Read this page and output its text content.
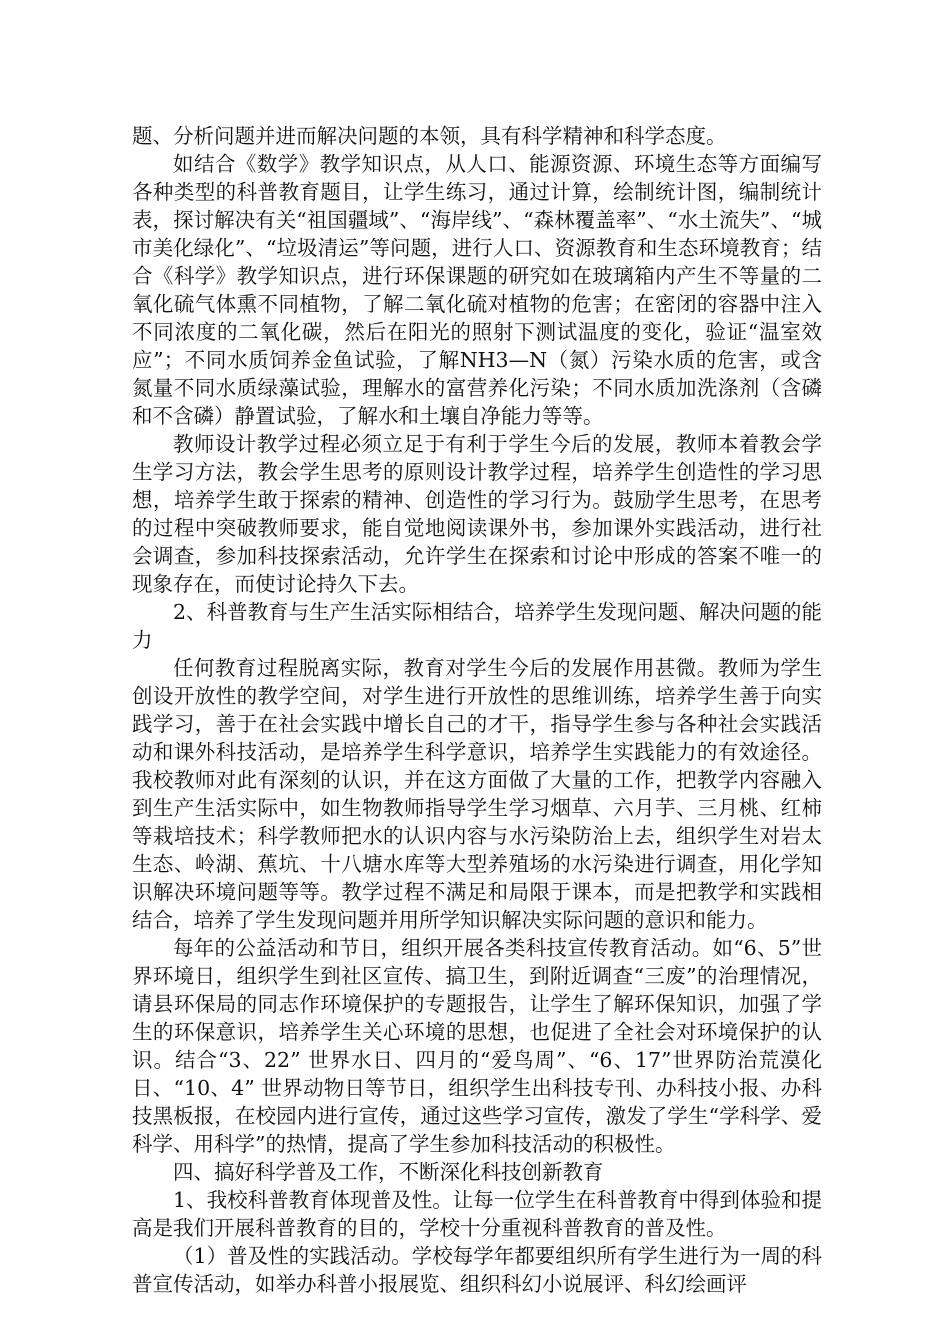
题、分析问题并进而解决问题的本领，具有科学精神和科学态度。

如结合《数学》教学知识点，从人口、能源资源、环境生态等方面编写各种类型的科普教育题目，让学生练习，通过计算，绘制统计图，编制统计表，探讨解决有关“祖国疆域”、“海岸线”、“森林覆盖率”、“水土流失”、“城市美化绿化”、“垃圾清运”等问题，进行人口、资源教育和生态环境教育；结合《科学》教学知识点，进行环保课题的研究如在玻璃箱内产生不等量的二氧化硫气体熏不同植物，了解二氧化硫对植物的危害；在密闭的容器中注入不同浓度的二氧化碳，然后在阳光的照射下测试温度的变化，验证“温室效应”；不同水质饲养金鱼试验，了解NH3—N（氮）污染水质的危害，或含氮量不同水质绿藻试验，理解水的富营养化污染；不同水质加洗涤剂（含磷和不含磷）静置试验，了解水和土壤自净能力等等。

教师设计教学过程必须立足于有利于学生今后的发展，教师本着教会学生学习方法，教会学生思考的原则设计教学过程，培养学生创造性的学习思想，培养学生敢于探索的精神、创造性的学习行为。鼓励学生思考，在思考的过程中突破教师要求，能自觉地阅读课外书，参加课外实践活动，进行社会调查，参加科技探索活动，允许学生在探索和讨论中形成的答案不唯一的现象存在，而使讨论持久下去。

2、科普教育与生产生活实际相结合，培养学生发现问题、解决问题的能力

任何教育过程脱离实际，教育对学生今后的发展作用甚微。教师为学生创设开放性的教学空间，对学生进行开放性的思维训练，培养学生善于向实践学习，善于在社会实践中增长自己的才干，指导学生参与各种社会实践活动和课外科技活动，是培养学生科学意识，培养学生实践能力的有效途径。我校教师对此有深刻的认识，并在这方面做了大量的工作，把教学内容融入到生产生活实际中，如生物教师指导学生学习烟草、六月芋、三月桃、红柿等栽培技术；科学教师把水的认识内容与水污染防治上去，组织学生对岩太生态、岭湖、蕉坑、十八塘水库等大型养殖场的水污染进行调查，用化学知识解决环境问题等等。教学过程不满足和局限于课本，而是把教学和实践相结合，培养了学生发现问题并用所学知识解决实际问题的意识和能力。

每年的公益活动和节日，组织开展各类科技宣传教育活动。如“6、5”世界环境日，组织学生到社区宣传、搞卫生，到附近调查“三废”的治理情况，请县环保局的同志作环境保护的专题报告，让学生了解环保知识，加强了学生的环保意识，培养学生关心环境的思想，也促进了全社会对环境保护的认识。结合“3、22” 世界水日、四月的“爱鸟周”、“6、17”世界防治荒漠化日、“10、4” 世界动物日等节日，组织学生出科技专刊、办科技小报、办科技黑板报，在校园内进行宣传，通过这些学习宣传，激发了学生“学科学、爱科学、用科学”的热情，提高了学生参加科技活动的积极性。

四、搞好科学普及工作，不断深化科技创新教育

1、我校科普教育体现普及性。让每一位学生在科普教育中得到体验和提高是我们开展科普教育的目的，学校十分重视科普教育的普及性。

（1）普及性的实践活动。学校每学年都要组织所有学生进行为一周的科普宣传活动，如举办科普小报展览、组织科幻小说展评、科幻绘画评
